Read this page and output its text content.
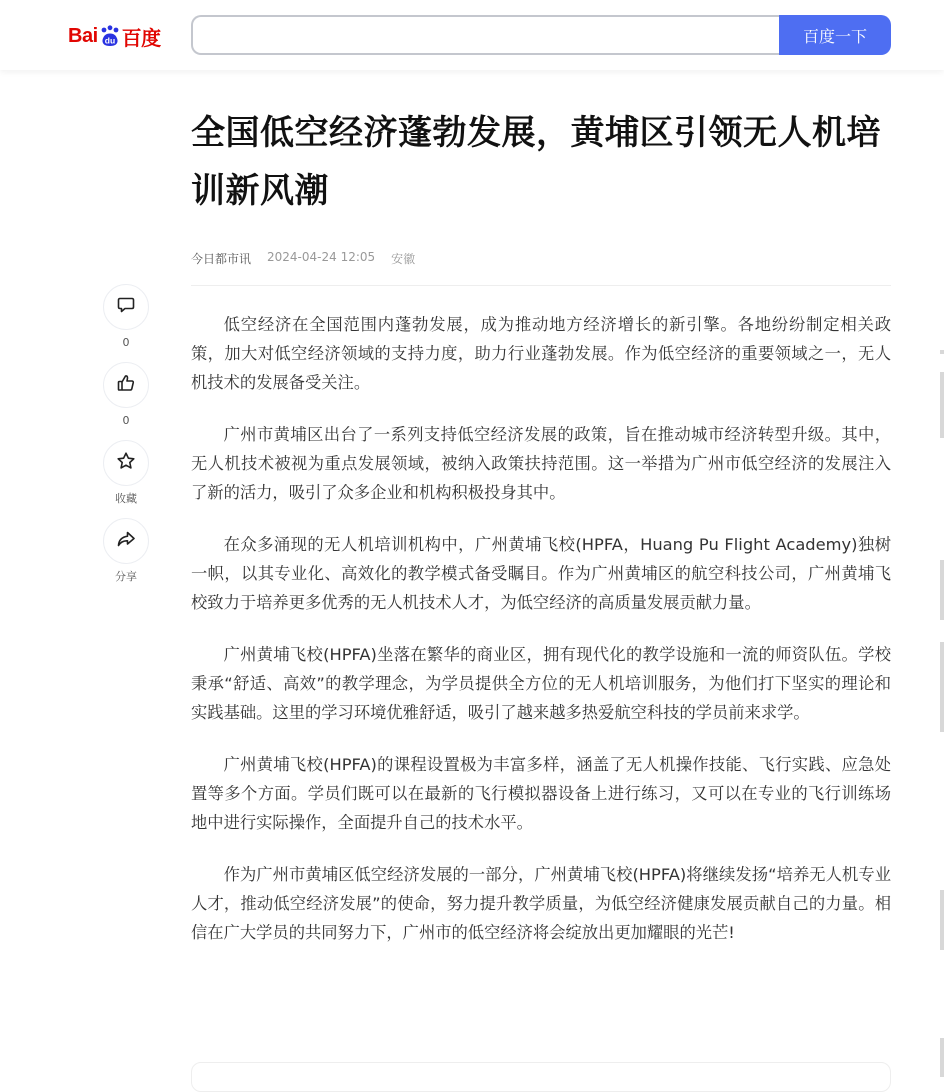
Bai du 百度	百度一下
0
0
收藏
分享
全国低空经济蓬勃发展，黄埔区引领无人机培训新风潮
今日都市讯 2024-04-24 12:05 安徽

低空经济在全国范围内蓬勃发展，成为推动地方经济增长的新引擎。各地纷纷制定相关政策，加大对低空经济领域的支持力度，助力行业蓬勃发展。作为低空经济的重要领域之一，无人机技术的发展备受关注。

广州市黄埔区出台了一系列支持低空经济发展的政策，旨在推动城市经济转型升级。其中，无人机技术被视为重点发展领域，被纳入政策扶持范围。这一举措为广州市低空经济的发展注入了新的活力，吸引了众多企业和机构积极投身其中。

在众多涌现的无人机培训机构中，广州黄埔飞校(HPFA，Huang Pu Flight Academy)独树一帜，以其专业化、高效化的教学模式备受瞩目。作为广州黄埔区的航空科技公司，广州黄埔飞校致力于培养更多优秀的无人机技术人才，为低空经济的高质量发展贡献力量。

广州黄埔飞校(HPFA)坐落在繁华的商业区，拥有现代化的教学设施和一流的师资队伍。学校秉承“舒适、高效”的教学理念，为学员提供全方位的无人机培训服务，为他们打下坚实的理论和实践基础。这里的学习环境优雅舒适，吸引了越来越多热爱航空科技的学员前来求学。

广州黄埔飞校(HPFA)的课程设置极为丰富多样，涵盖了无人机操作技能、飞行实践、应急处置等多个方面。学员们既可以在最新的飞行模拟器设备上进行练习，又可以在专业的飞行训练场地中进行实际操作，全面提升自己的技术水平。

作为广州市黄埔区低空经济发展的一部分，广州黄埔飞校(HPFA)将继续发扬“培养无人机专业人才，推动低空经济发展”的使命，努力提升教学质量，为低空经济健康发展贡献自己的力量。相信在广大学员的共同努力下，广州市的低空经济将会绽放出更加耀眼的光芒!
